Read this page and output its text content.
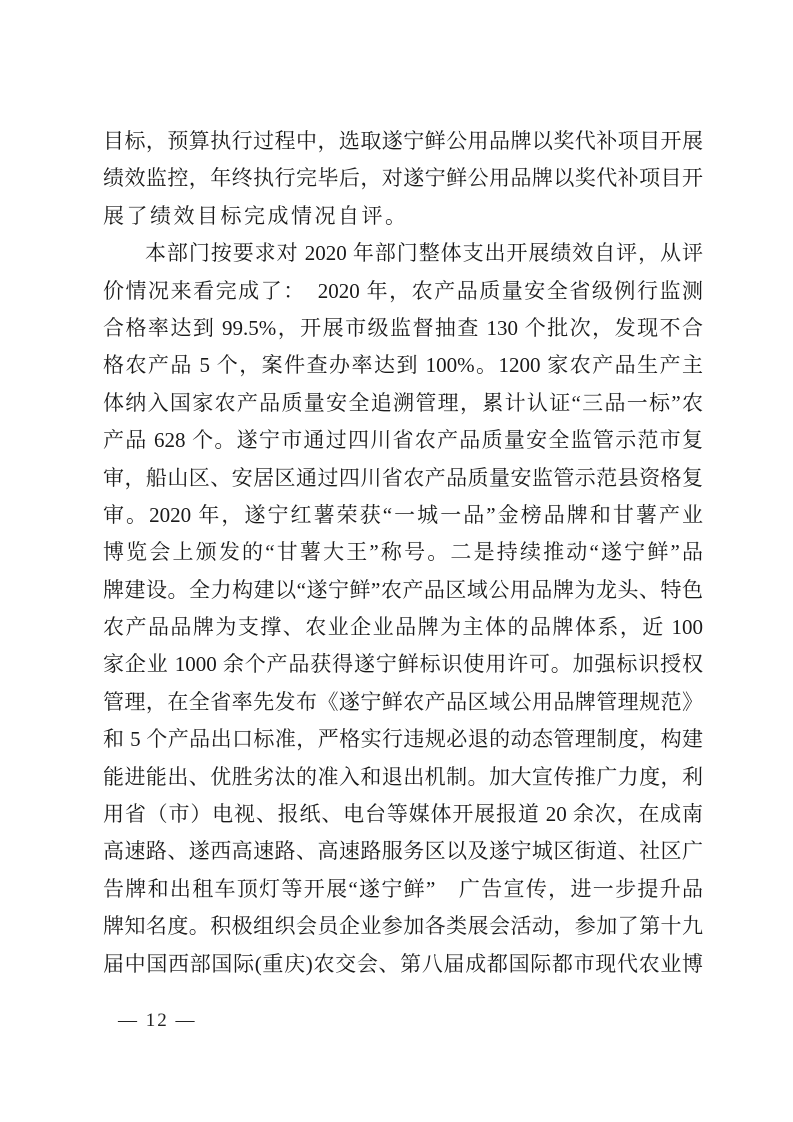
目标，预算执行过程中，选取遂宁鲜公用品牌以奖代补项目开展
绩效监控，年终执行完毕后，对遂宁鲜公用品牌以奖代补项目开
展了绩效目标完成情况自评。
本部门按要求对 2020 年部门整体支出开展绩效自评，从评
价情况来看完成了：　2020 年，农产品质量安全省级例行监测
合格率达到 99.5%，开展市级监督抽查 130 个批次，发现不合
格农产品 5 个，案件查办率达到 100%。1200 家农产品生产主
体纳入国家农产品质量安全追溯管理，累计认证“三品一标”农
产品 628 个。遂宁市通过四川省农产品质量安全监管示范市复
审，船山区、安居区通过四川省农产品质量安监管示范县资格复
审。2020 年，遂宁红薯荣获“一城一品”金榜品牌和甘薯产业
博览会上颁发的“甘薯大王”称号。二是持续推动“遂宁鲜”品
牌建设。全力构建以“遂宁鲜”农产品区域公用品牌为龙头、特色
农产品品牌为支撑、农业企业品牌为主体的品牌体系，近 100
家企业 1000 余个产品获得遂宁鲜标识使用许可。加强标识授权
管理，在全省率先发布《遂宁鲜农产品区域公用品牌管理规范》
和 5 个产品出口标准，严格实行违规必退的动态管理制度，构建
能进能出、优胜劣汰的准入和退出机制。加大宣传推广力度，利
用省（市）电视、报纸、电台等媒体开展报道 20 余次，在成南
高速路、遂西高速路、高速路服务区以及遂宁城区街道、社区广
告牌和出租车顶灯等开展“遂宁鲜”　广告宣传，进一步提升品
牌知名度。积极组织会员企业参加各类展会活动，参加了第十九
届中国西部国际(重庆)农交会、第八届成都国际都市现代农业博
— 12 —
